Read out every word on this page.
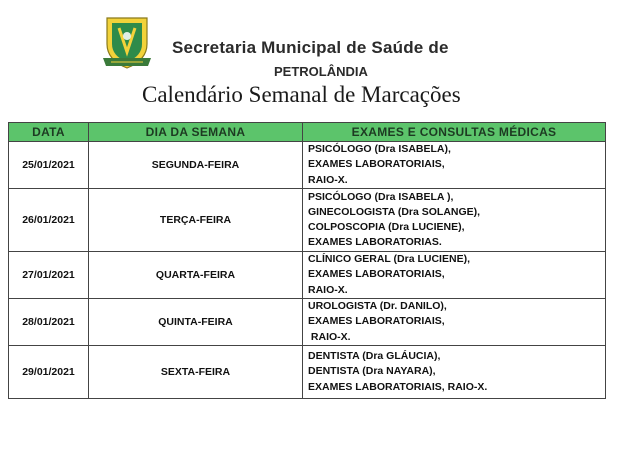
Secretaria Municipal de Saúde de
PETROLÂNDIA
Calendário Semanal de Marcações
DATA	DIA DA SEMANA	EXAMES E CONSULTAS MÉDICAS
25/01/2021	SEGUNDA-FEIRA	PSICÓLOGO (Dra ISABELA),
EXAMES LABORATORIAIS,
RAIO-X.

26/01/2021	TERÇA-FEIRA	PSICÓLOGO (Dra ISABELA ),
GINECOLOGISTA (Dra SOLANGE),
COLPOSCOPIA (Dra LUCIENE),
EXAMES LABORATORIAS.

27/01/2021	QUARTA-FEIRA	CLÍNICO GERAL (Dra LUCIENE),
EXAMES LABORATORIAIS,
RAIO-X.

28/01/2021	QUINTA-FEIRA	UROLOGISTA (Dr. DANILO),
EXAMES LABORATORIAIS,
RAIO-X.

29/01/2021	SEXTA-FEIRA	DENTISTA (Dra GLÁUCIA),
DENTISTA (Dra NAYARA),
EXAMES LABORATORIAIS, RAIO-X.
